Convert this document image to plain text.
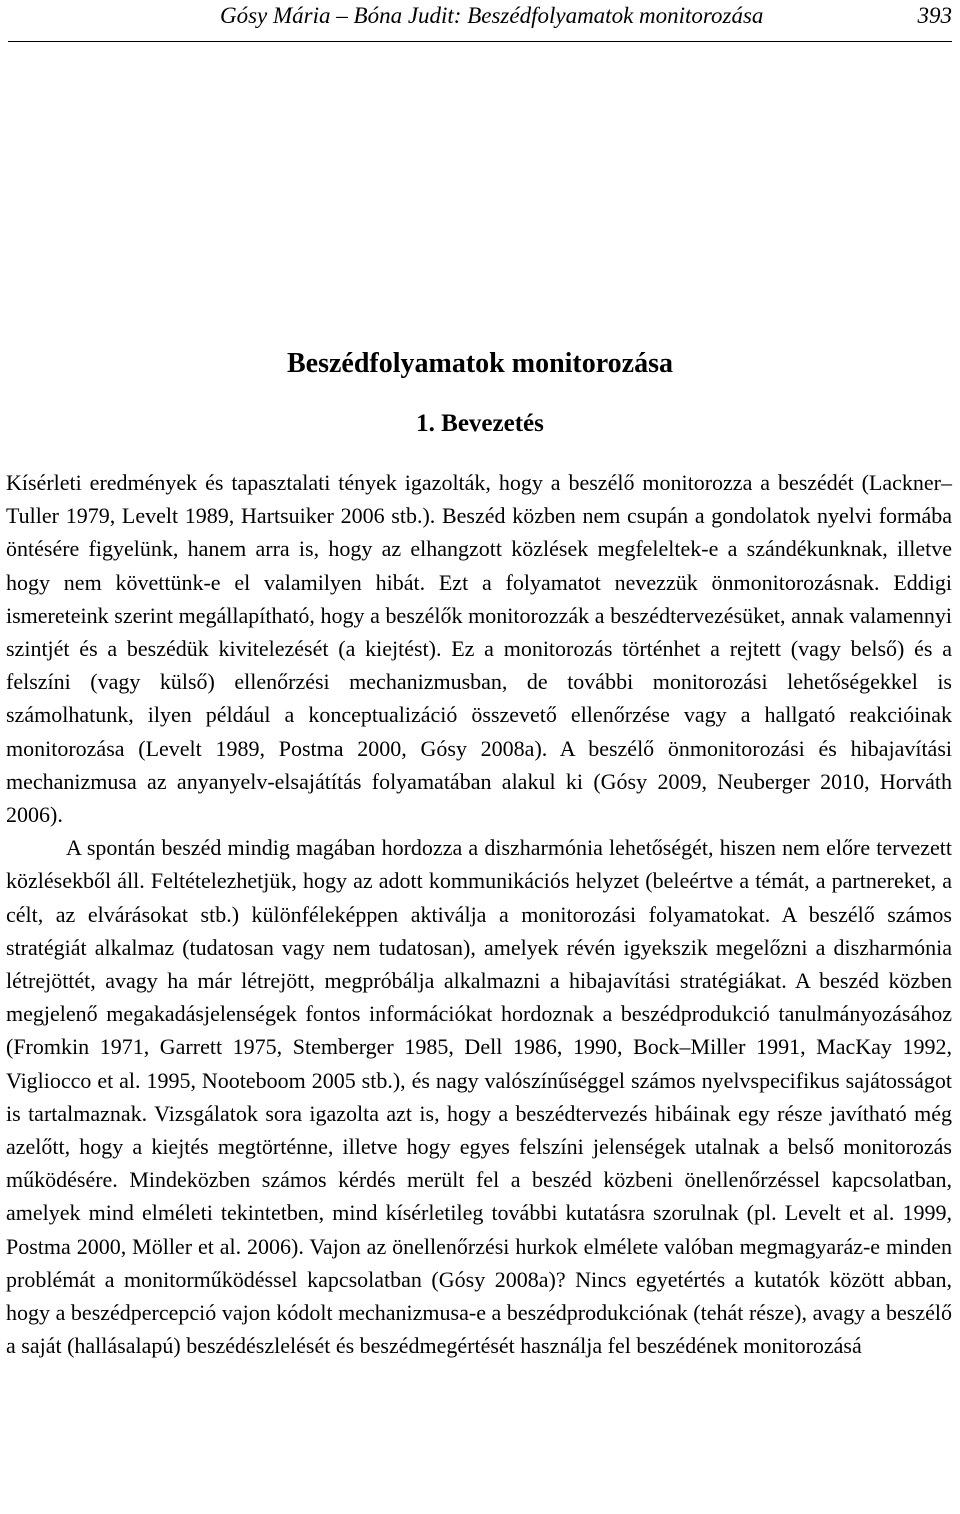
Gósy Mária – Bóna Judit: Beszédfolyamatok monitorozása	393
Beszédfolyamatok monitorozása
1. Bevezetés

Kísérleti eredmények és tapasztalati tények igazolták, hogy a beszélő monitorozza a beszédét (Lackner–Tuller 1979, Levelt 1989, Hartsuiker 2006 stb.). Beszéd közben nem csupán a gondolatok nyelvi formába öntésére figyelünk, hanem arra is, hogy az elhangzott közlések megfeleltek-e a szándékunknak, illetve hogy nem követtünk-e el valamilyen hibát. Ezt a folyamatot nevezzük önmonitorozásnak. Eddigi ismereteink szerint megállapítható, hogy a beszélők monitorozzák a beszédtervezésüket, annak valamennyi szintjét és a beszédük kivitelezését (a kiejtést). Ez a monitorozás történhet a rejtett (vagy belső) és a felszíni (vagy külső) ellenőrzési mechanizmusban, de további monitorozási lehetőségekkel is számolhatunk, ilyen például a konceptualizáció összevető ellenőrzése vagy a hallgató reakcióinak monitorozása (Levelt 1989, Postma 2000, Gósy 2008a). A beszélő önmonitorozási és hibajavítási mechanizmusa az anyanyelv-elsajátítás folyamatában alakul ki (Gósy 2009, Neuberger 2010, Horváth 2006).

A spontán beszéd mindig magában hordozza a diszharmónia lehetőségét, hiszen nem előre tervezett közlésekből áll. Feltételezhetjük, hogy az adott kommunikációs helyzet (beleértve a témát, a partnereket, a célt, az elvárásokat stb.) különféleképpen aktiválja a monitorozási folyamatokat. A beszélő számos stratégiát alkalmaz (tudatosan vagy nem tudatosan), amelyek révén igyekszik megelőzni a diszharmónia létrejöttét, avagy ha már létrejött, megpróbálja alkalmazni a hibajavítási stratégiákat. A beszéd közben megjelenő megakadásjelenségek fontos információkat hordoznak a beszédprodukció tanulmányozásához (Fromkin 1971, Garrett 1975, Stemberger 1985, Dell 1986, 1990, Bock–Miller 1991, MacKay 1992, Vigliocco et al. 1995, Nooteboom 2005 stb.), és nagy valószínűséggel számos nyelvspecifikus sajátosságot is tartalmaznak. Vizsgálatok sora igazolta azt is, hogy a beszédtervezés hibáinak egy része javítható még azelőtt, hogy a kiejtés megtörténne, illetve hogy egyes felszíni jelenségek utalnak a belső monitorozás működésére. Mindeközben számos kérdés merült fel a beszéd közbeni önellenőrzéssel kapcsolatban, amelyek mind elméleti tekintetben, mind kísérletileg további kutatásra szorulnak (pl. Levelt et al. 1999, Postma 2000, Möller et al. 2006). Vajon az önellenőrzési hurkok elmélete valóban megmagyaráz-e minden problémát a monitorműködéssel kapcsolatban (Gósy 2008a)? Nincs egyetértés a kutatók között abban, hogy a beszédpercepció vajon kódolt mechanizmusa-e a beszédprodukciónak (tehát része), avagy a beszélő a saját (hallásalapú) beszédészlelését és beszédmegértését használja fel beszédének monitorozásá
